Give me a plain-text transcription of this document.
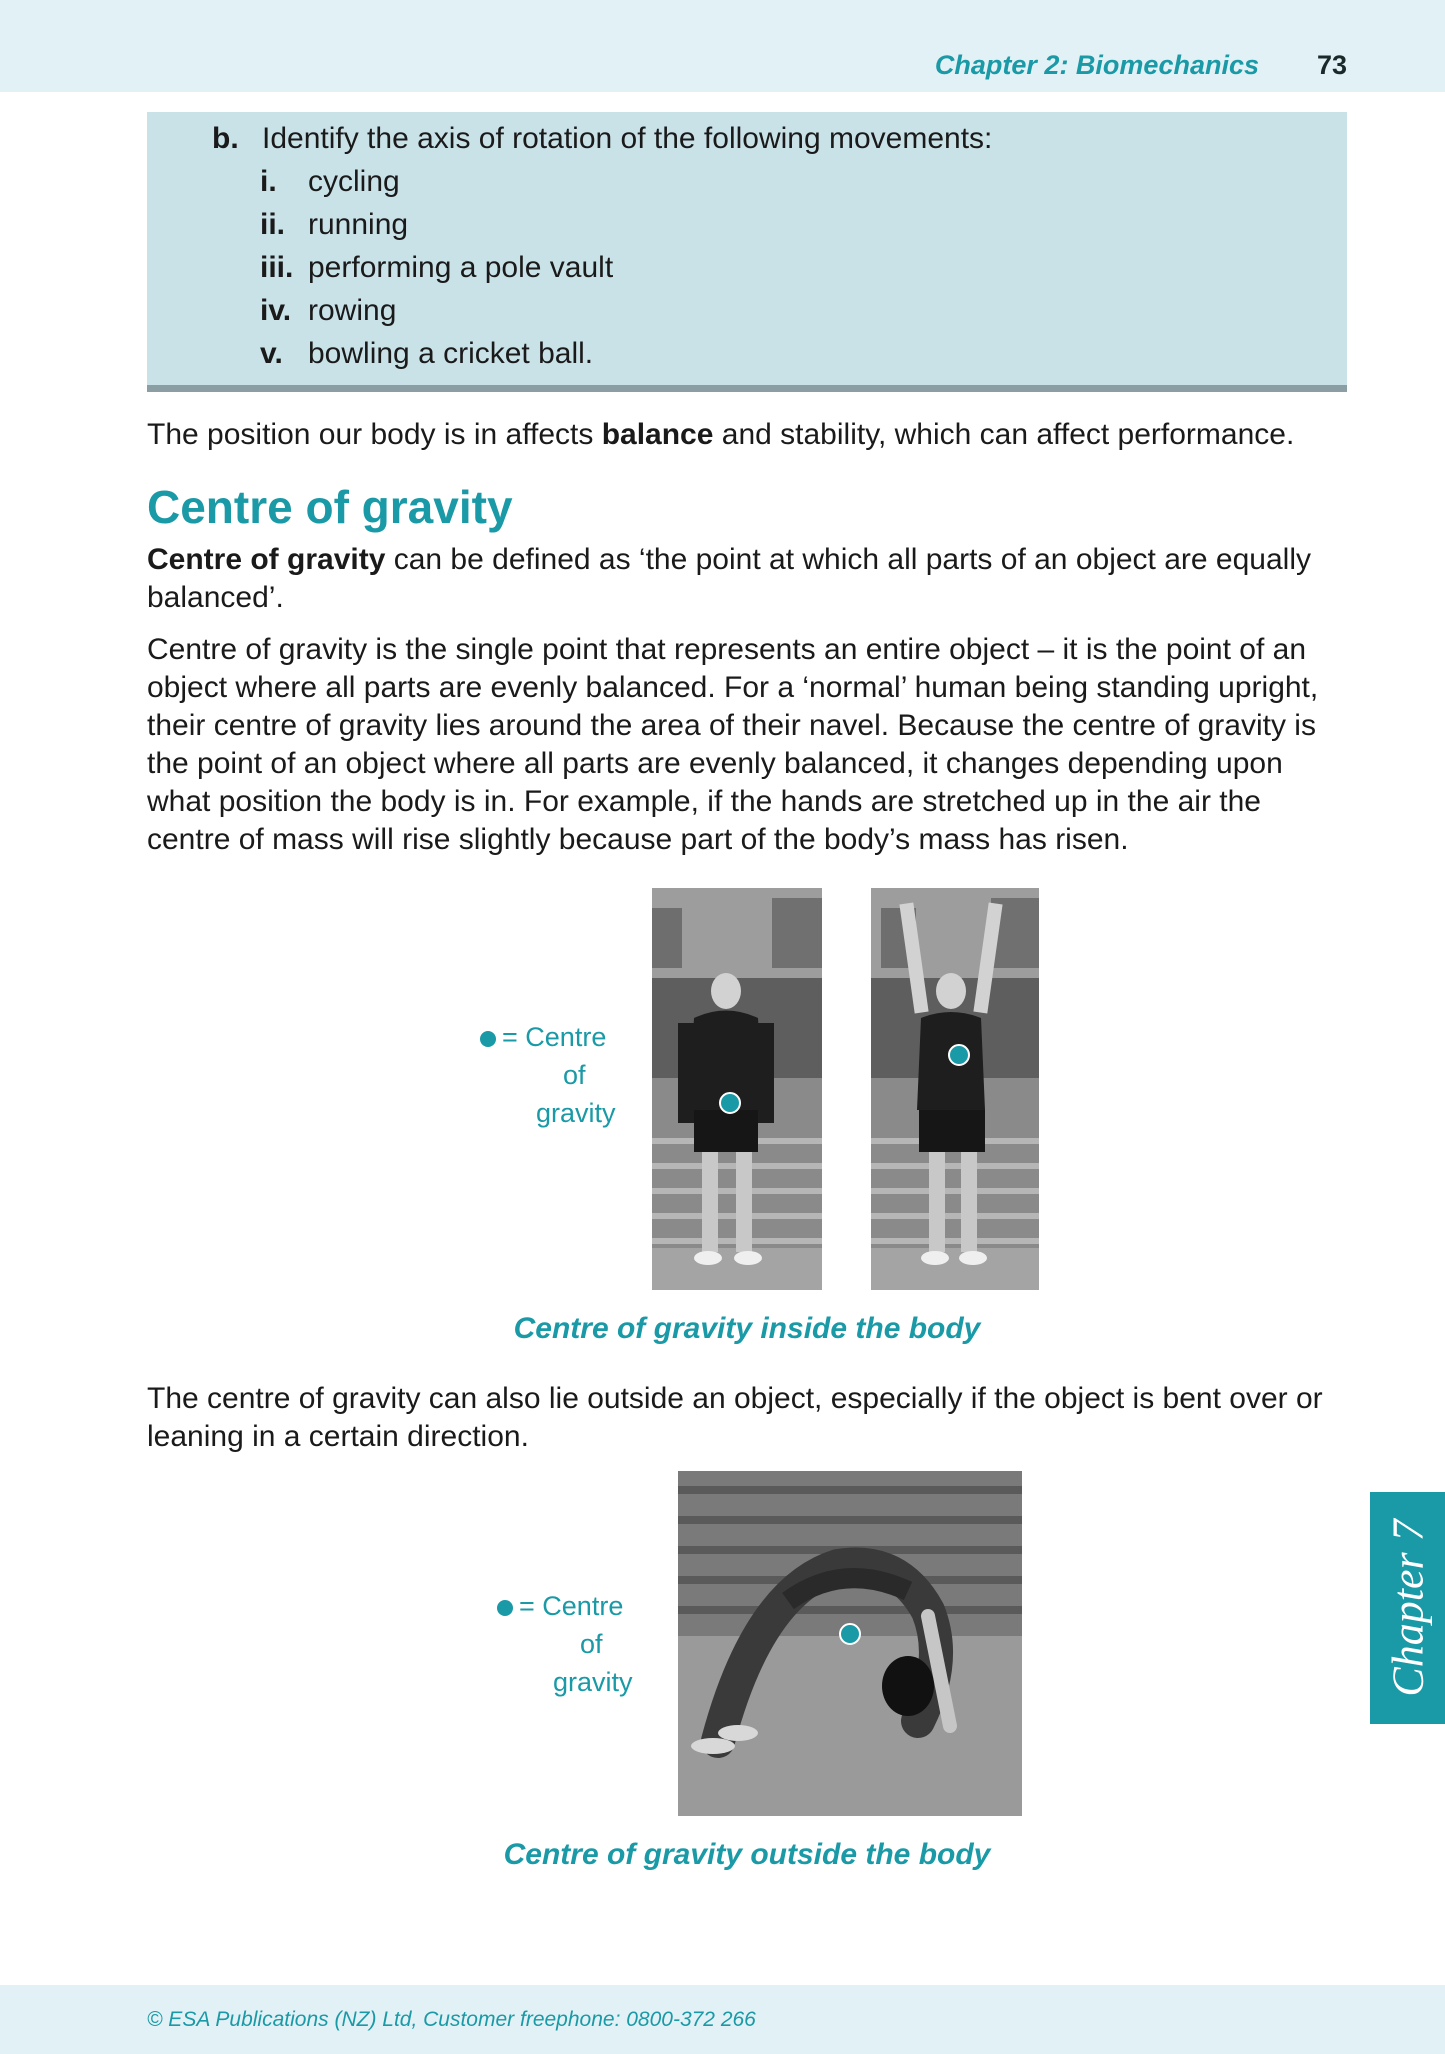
Chapter 2: Biomechanics 73
b. Identify the axis of rotation of the following movements:
i. cycling
ii. running
iii. performing a pole vault
iv. rowing
v. bowling a cricket ball.

The position our body is in affects balance and stability, which can affect performance.

Centre of gravity

Centre of gravity can be defined as ‘the point at which all parts of an object are equally balanced’.

Centre of gravity is the single point that represents an entire object – it is the point of an object where all parts are evenly balanced. For a ‘normal’ human being standing upright, their centre of gravity lies around the area of their navel. Because the centre of gravity is the point of an object where all parts are evenly balanced, it changes depending upon what position the body is in. For example, if the hands are stretched up in the air the centre of mass will rise slightly because part of the body’s mass has risen.

= Centre
of
gravity
Centre of gravity inside the body

The centre of gravity can also lie outside an object, especially if the object is bent over or leaning in a certain direction.

= Centre
of
gravity
Centre of gravity outside the body
Chapter 7
© ESA Publications (NZ) Ltd, Customer freephone: 0800-372 266
